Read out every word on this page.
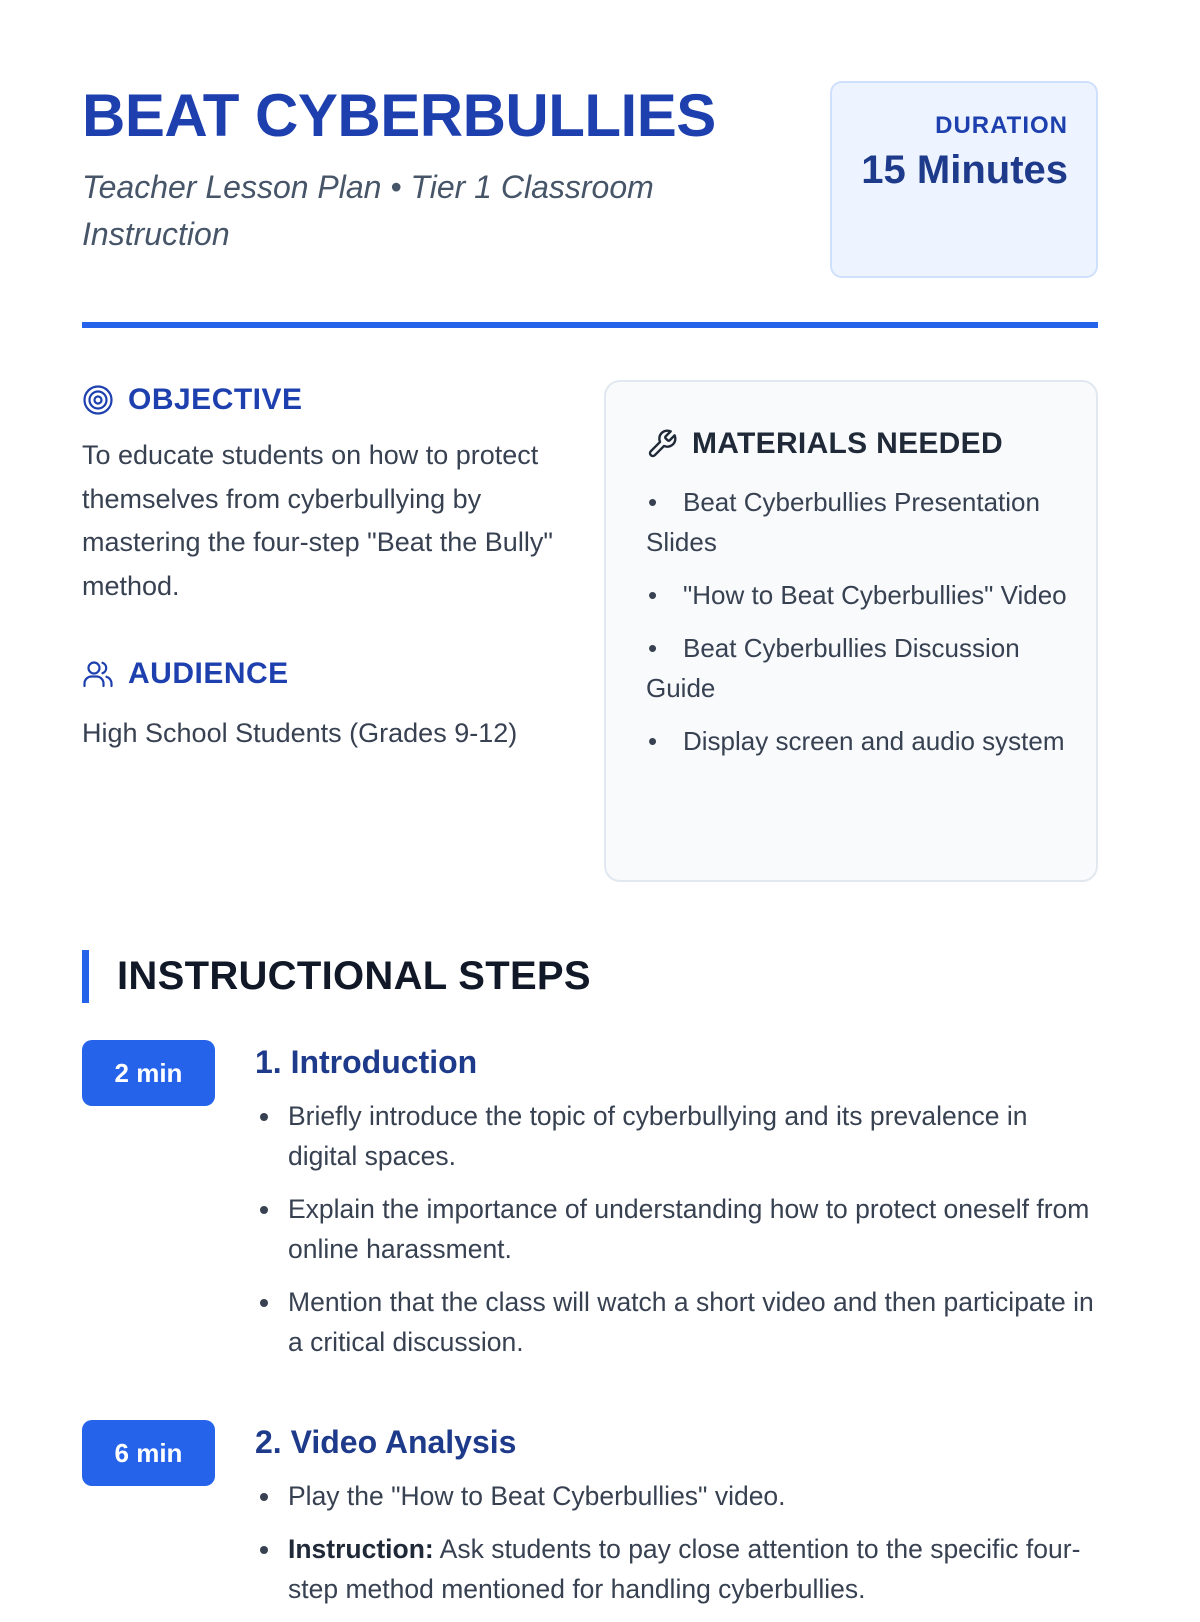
BEAT CYBERBULLIES
Teacher Lesson Plan • Tier 1 Classroom Instruction
DURATION
15 Minutes
OBJECTIVE
To educate students on how to protect themselves from cyberbullying by mastering the four-step "Beat the Bully" method.
AUDIENCE
High School Students (Grades 9-12)
MATERIALS NEEDED
• Beat Cyberbullies Presentation Slides
• "How to Beat Cyberbullies" Video
• Beat Cyberbullies Discussion Guide
• Display screen and audio system
INSTRUCTIONAL STEPS
2 min	1. Introduction
Briefly introduce the topic of cyberbullying and its prevalence in digital spaces.
Explain the importance of understanding how to protect oneself from online harassment.
Mention that the class will watch a short video and then participate in a critical discussion.
6 min	2. Video Analysis
Play the "How to Beat Cyberbullies" video.
Instruction: Ask students to pay close attention to the specific four-step method mentioned for handling cyberbullies.
